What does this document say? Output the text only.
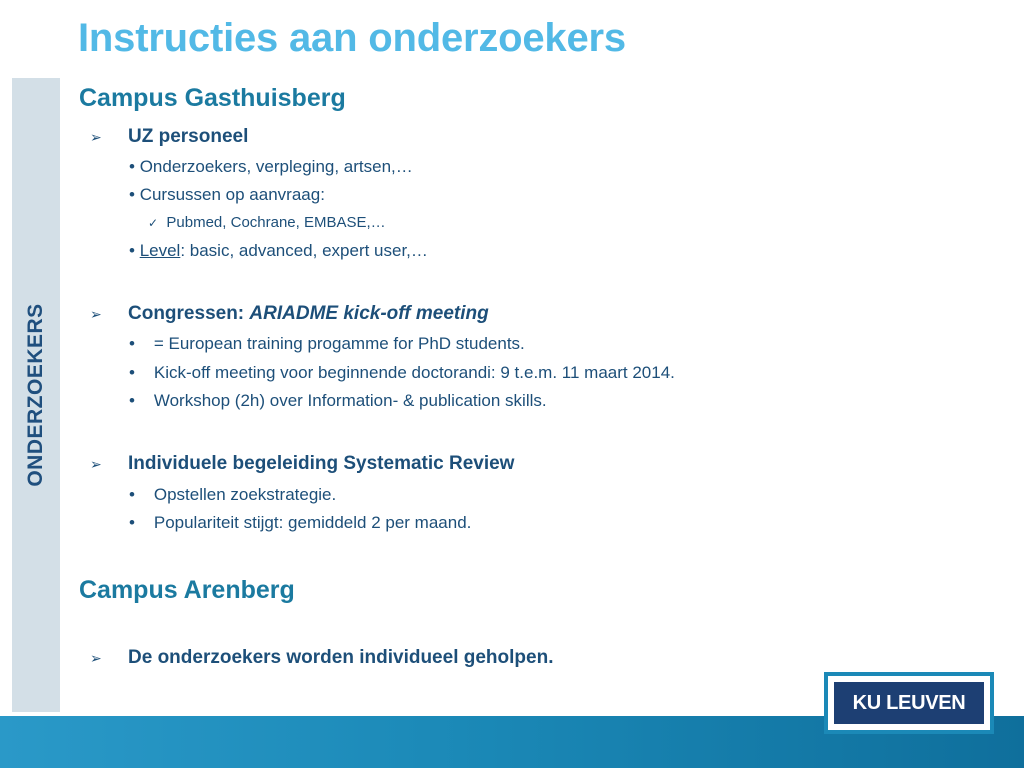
Instructies aan onderzoekers
ONDERZOEKERS
Campus Gasthuisberg
➢ UZ personeel
• Onderzoekers, verpleging, artsen,…
• Cursussen op aanvraag:
✓ Pubmed, Cochrane, EMBASE,…
• Level: basic, advanced, expert user,…
➢ Congressen: ARIADME kick-off meeting
• = European training progamme for PhD students.
• Kick-off meeting voor beginnende doctorandi: 9 t.e.m. 11 maart 2014.
• Workshop (2h) over Information- & publication skills.
➢ Individuele begeleiding Systematic Review
• Opstellen zoekstrategie.
• Populariteit stijgt: gemiddeld 2 per maand.
Campus Arenberg
➢ De onderzoekers worden individueel geholpen.
KU LEUVEN
